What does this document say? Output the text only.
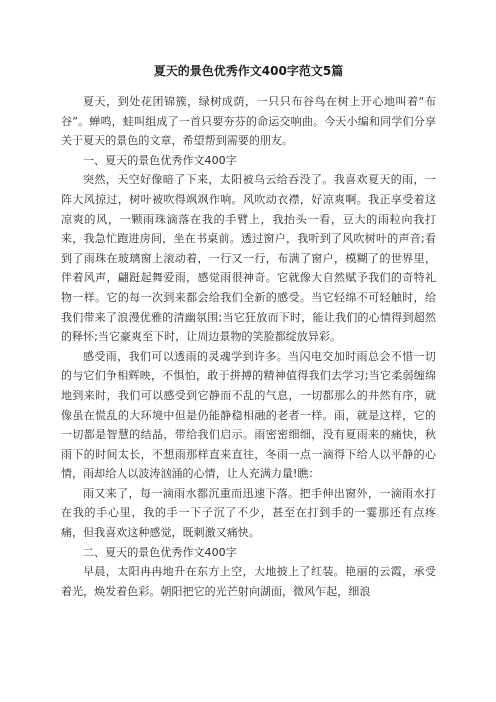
夏天的景色优秀作文400字范文5篇

夏天，到处花团锦簇，绿树成荫，一只只布谷鸟在树上开心地叫着“布谷”。蝉鸣，蛙叫组成了一首只要夯芬的命运交响曲。今天小编和同学们分享关于夏天的景色的文章，希望帮到需要的朋友。

一、夏天的景色优秀作文400字

突然，天空好像暗了下来，太阳被乌云给吞没了。我喜欢夏天的雨，一阵大风掠过，树叶被吹得飒飒作响。风吹动衣襟，好凉爽啊。我正享受着这凉爽的风，一颗雨珠滴落在我的手臂上，我抬头一看，豆大的雨粒向我打来，我急忙跑进房间，坐在书桌前。透过窗户，我听到了风吹树叶的声音;看到了雨珠在玻璃窗上滚动着，一行又一行，布满了窗户，模糊了的世界里，伴着风声，翩跹起舞爱雨，感觉雨很神奇。它就像大自然赋予我们的奇特礼物一样。它的每一次到来都会给我们全新的感受。当它轻绵不可轻触时，给我们带来了浪漫优雅的清幽氛围;当它狂放而下时，能让我们的心情得到超然的释怀;当它豪爽至下时，让周边景物的笑脸都绽放异彩。

感受雨，我们可以透雨的灵魂学到许多。当闪电交加时雨总会不惜一切的与它们争相辉映，不惧怕，敢于拼搏的精神值得我们去学习;当它柔弱缠绵地到来时，我们可以感受到它静而不乱的气息，一切都那么的井然有序，就像虽在慌乱的大环境中但是仍能静稳相融的老者一样。雨，就是这样，它的一切都是智慧的结晶，带给我们启示。雨密密细细，没有夏雨来的痛快，秋雨下的时间太长，不想雨那样直来直往，冬雨一点一滴得下给人以平静的心情，雨却给人以波涛汹涌的心情，让人充满力量!瞧：

雨又来了，每一滴雨水都沉重而迅速下落。把手伸出窗外，一滴雨水打在我的手心里，我的手一下子沉了不少，甚至在打到手的一霎那还有点疼痛，但我喜欢这种感觉，既刺激又痛快。

二、夏天的景色优秀作文400字

早晨，太阳冉冉地升在东方上空，大地披上了红装。艳丽的云霞，承受着光，焕发着色彩。朝阳把它的光芒射向湖面，微风乍起，细浪
